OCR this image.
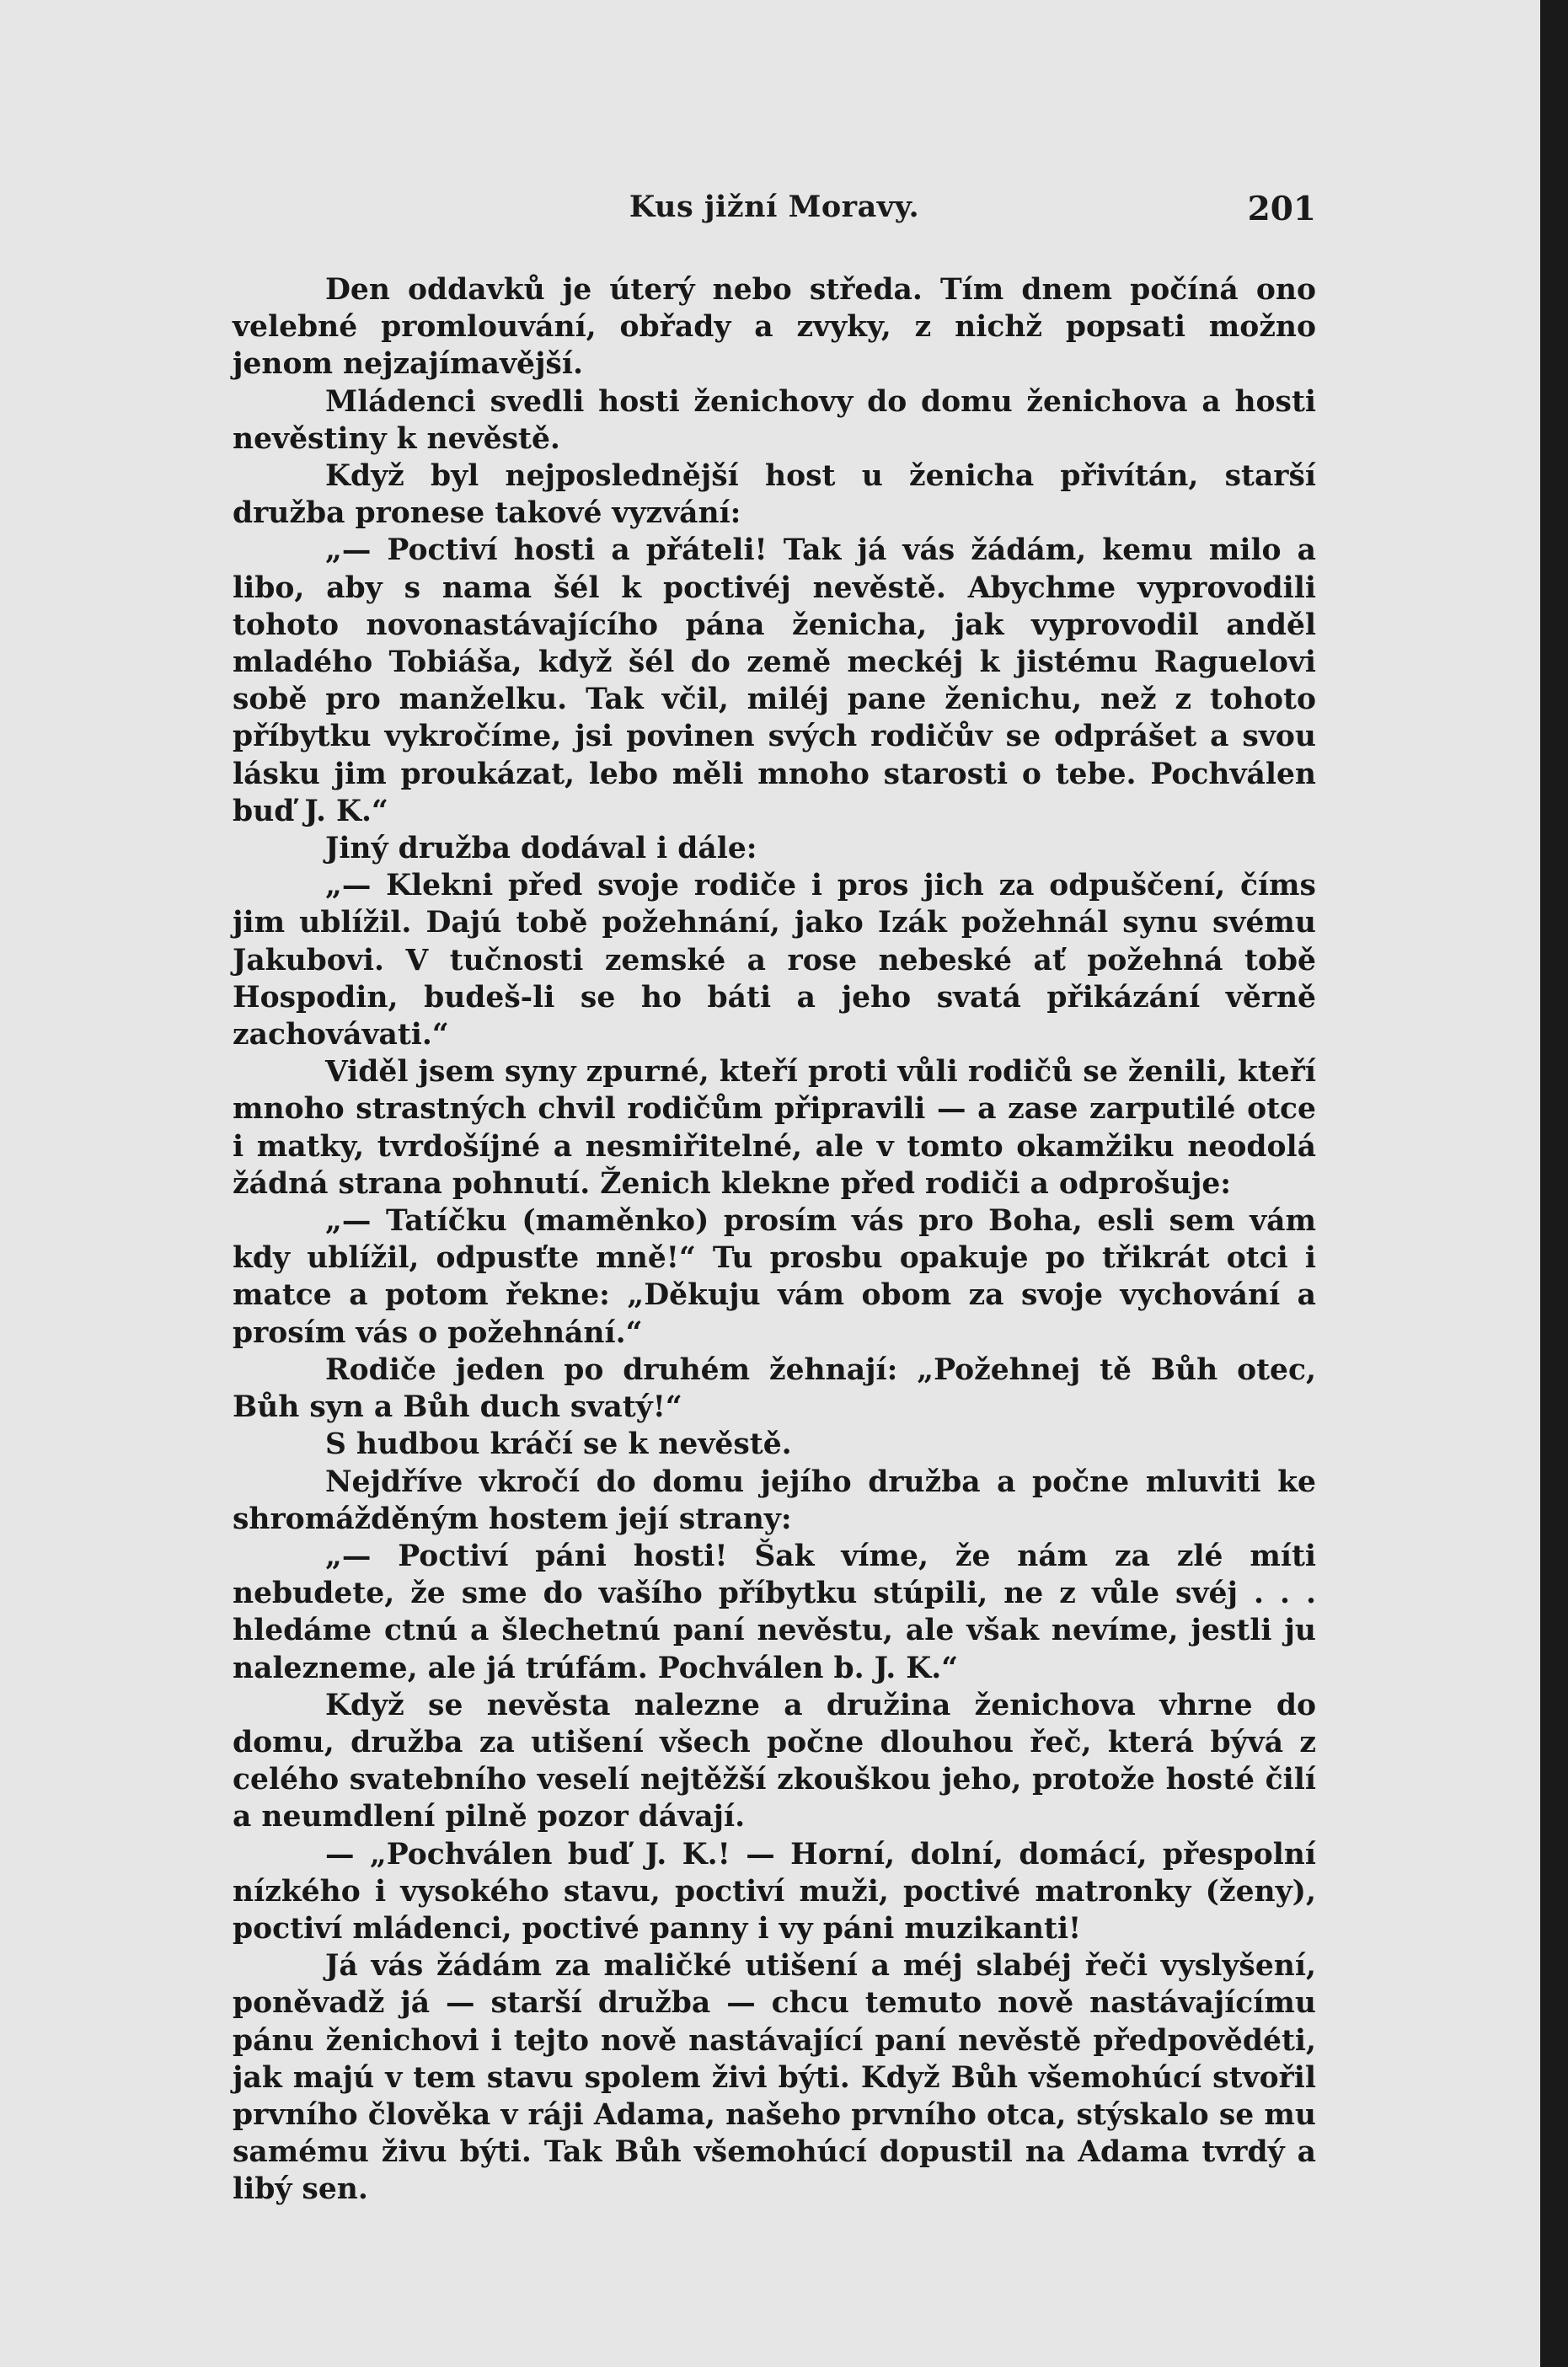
Kus jižní Moravy.	201

Den oddavků je úterý nebo středa. Tím dnem počíná ono velebné promlouvání, obřady a zvyky, z nichž popsati možno jenom nejzajímavější.

Mládenci svedli hosti ženichovy do domu ženichova a hosti nevěstiny k nevěstě.

Když byl nejposlednější host u ženicha přivítán, starší družba pronese takové vyzvání:

„— Poctiví hosti a přáteli! Tak já vás žádám, kemu milo a libo, aby s nama šél k poctivéj nevěstě. Abychme vyprovodili tohoto novonastávajícího pána ženicha, jak vyprovodil anděl mladého Tobiáša, když šél do země meckéj k jistému Raguelovi sobě pro manželku. Tak včil, miléj pane ženichu, než z tohoto příbytku vykročíme, jsi povinen svých rodičův se odprášet a svou lásku jim proukázat, lebo měli mnoho starosti o tebe. Pochválen buď J. K.“

Jiný družba dodával i dále:

„— Klekni před svoje rodiče i pros jich za odpuščení, číms jim ublížil. Dajú tobě požehnání, jako Izák požehnál synu svému Jakubovi. V tučnosti zemské a rose nebeské ať požehná tobě Hospodin, budeš-li se ho báti a jeho svatá přikázání věrně zachovávati.“

Viděl jsem syny zpurné, kteří proti vůli rodičů se ženili, kteří mnoho strastných chvil rodičům připravili — a zase zarputilé otce i matky, tvrdošíjné a nesmiřitelné, ale v tomto okamžiku neodolá žádná strana pohnutí. Ženich klekne před rodiči a odprošuje:

„— Tatíčku (maměnko) prosím vás pro Boha, esli sem vám kdy ublížil, odpusťte mně!“ Tu prosbu opakuje po třikrát otci i matce a potom řekne: „Děkuju vám obom za svoje vychování a prosím vás o požehnání.“

Rodiče jeden po druhém žehnají: „Požehnej tě Bůh otec, Bůh syn a Bůh duch svatý!“

S hudbou kráčí se k nevěstě.

Nejdříve vkročí do domu jejího družba a počne mluviti ke shromážděným hostem její strany:

„— Poctiví páni hosti! Šak víme, že nám za zlé míti nebudete, že sme do vašího příbytku stúpili, ne z vůle svéj . . . hledáme ctnú a šlechetnú paní nevěstu, ale však nevíme, jestli ju nalezneme, ale já trúfám. Pochválen b. J. K.“

Když se nevěsta nalezne a družina ženichova vhrne do domu, družba za utišení všech počne dlouhou řeč, která bývá z celého svatebního veselí nejtěžší zkouškou jeho, protože hosté čilí a neumdlení pilně pozor dávají.

— „Pochválen buď J. K.! — Horní, dolní, domácí, přespolní nízkého i vysokého stavu, poctiví muži, poctivé matronky (ženy), poctiví mládenci, poctivé panny i vy páni muzikanti!

Já vás žádám za maličké utišení a méj slabéj řeči vyslyšení, poněvadž já — starší družba — chcu temuto nově nastávajícímu pánu ženichovi i tejto nově nastávající paní nevěstě předpovědéti, jak majú v tem stavu spolem živi býti. Když Bůh všemohúcí stvořil prvního člověka v ráji Adama, našeho prvního otca, stýskalo se mu samému živu býti. Tak Bůh všemohúcí dopustil na Adama tvrdý a libý sen.
